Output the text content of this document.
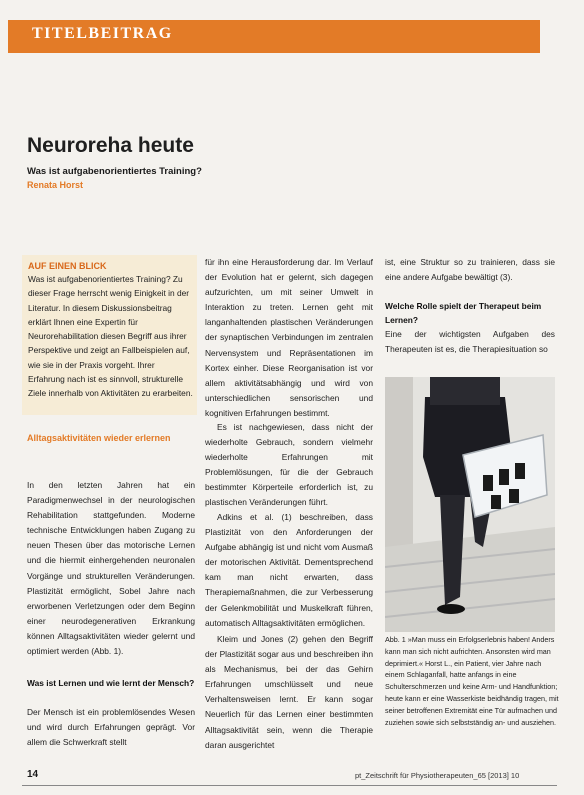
TITELBEITRAG
Neuroreha heute
Was ist aufgabenorientiertes Training?
Renata Horst
AUF EINEN BLICK
Was ist aufgabenorientiertes Training? Zu dieser Frage herrscht wenig Einigkeit in der Literatur. In diesem Diskussionsbeitrag erklärt Ihnen eine Expertin für Neurorehabilitation diesen Begriff aus ihrer Perspektive und zeigt an Fallbeispielen auf, wie sie in der Praxis vorgeht. Ihrer Erfahrung nach ist es sinnvoll, strukturelle Ziele innerhalb von Aktivitäten zu erarbeiten.
Alltagsaktivitäten wieder erlernen
In den letzten Jahren hat ein Paradigmenwechsel in der neurologischen Rehabilitation stattgefunden. Moderne technische Entwicklungen haben Zugang zu neuen Thesen über das motorische Lernen und die hiermit einhergehenden neuronalen Vorgänge und strukturellen Veränderungen. Plastizität ermöglicht, Sobel Jahre nach erworbenen Verletzungen oder dem Beginn einer neurodegenerativen Erkrankung können Alltagsaktivitäten wieder gelernt und optimiert werden (Abb. 1).
Was ist Lernen und wie lernt der Mensch?
Der Mensch ist ein problemlösendes Wesen und wird durch Erfahrungen geprägt. Vor allem die Schwerkraft stellt
für ihn eine Herausforderung dar. Im Verlauf der Evolution hat er gelernt, sich dagegen aufzurichten, um mit seiner Umwelt in Interaktion zu treten. Lernen geht mit langanhaltenden plastischen Veränderungen der synaptischen Verbindungen im zentralen Nervensystem und Repräsentationen im Kortex einher. Diese Reorganisation ist vor allem aktivitätsabhängig und wird von unterschiedlichen sensorischen und kognitiven Erfahrungen bestimmt.
Es ist nachgewiesen, dass nicht der wiederholte Gebrauch, sondern vielmehr wiederholte Erfahrungen mit Problemlösungen, für die der Gebrauch bestimmter Körperteile erforderlich ist, zu plastischen Veränderungen führt.
Adkins et al. (1) beschreiben, dass Plastizität von den Anforderungen der Aufgabe abhängig ist und nicht vom Ausmaß der motorischen Aktivität. Dementsprechend kam man nicht erwarten, dass Therapiemaßnahmen, die zur Verbesserung der Gelenkmobilität und Muskelkraft führen, automatisch Alltagsaktivitäten ermöglichen.
Kleim und Jones (2) gehen den Begriff der Plastizität sogar aus und beschreiben ihn als Mechanismus, bei der das Gehirn Erfahrungen umschlüsselt und neue Verhaltensweisen lernt. Er kann sogar Neuerlich für das Lernen einer bestimmten Alltagsaktivität sein, wenn die Therapie daran ausgerichtet
ist, eine Struktur so zu trainieren, dass sie eine andere Aufgabe bewältigt (3).
Welche Rolle spielt der Therapeut beim Lernen?
Eine der wichtigsten Aufgaben des Therapeuten ist es, die Therapiesituation so
Abb. 1 »Man muss ein Erfolgserlebnis haben! Anders kann man sich nicht aufrichten. Ansonsten wird man deprimiert.« Horst L., ein Patient, vier Jahre nach einem Schlaganfall, hatte anfangs in eine Schulterschmerzen und keine Arm- und Handfunktion; heute kann er eine Wasserkiste beidhändig tragen, mit seiner betroffenen Extremität eine Tür aufmachen und zuziehen sowie sich selbstständig an- und ausziehen.
14	pt_Zeitschrift für Physiotherapeuten_65 [2013] 10
